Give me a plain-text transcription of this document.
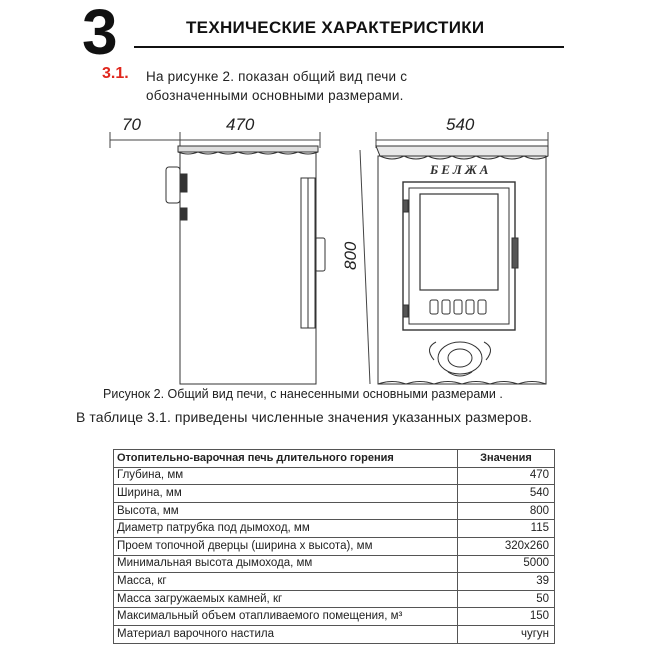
3	ТЕХНИЧЕСКИЕ ХАРАКТЕРИСТИКИ
3.1. На рисунке 2. показан общий вид печи с
обозначенными основными размерами.
70	470	540
800
БЕЛЖА
Рисунок 2. Общий вид печи, с нанесенными основными размерами .
В таблице 3.1. приведены численные значения указанных размеров.
Отопительно-варочная печь длительного горения	Значения
Глубина, мм	470
Ширина, мм	540
Высота, мм	800
Диаметр патрубка под дымоход, мм	115
Проем топочной дверцы (ширина х высота), мм	320х260
Минимальная высота дымохода, мм	5000
Масса, кг	39
Масса загружаемых камней, кг	50
Максимальный объем отапливаемого помещения, м³	150
Материал варочного настила	чугун
